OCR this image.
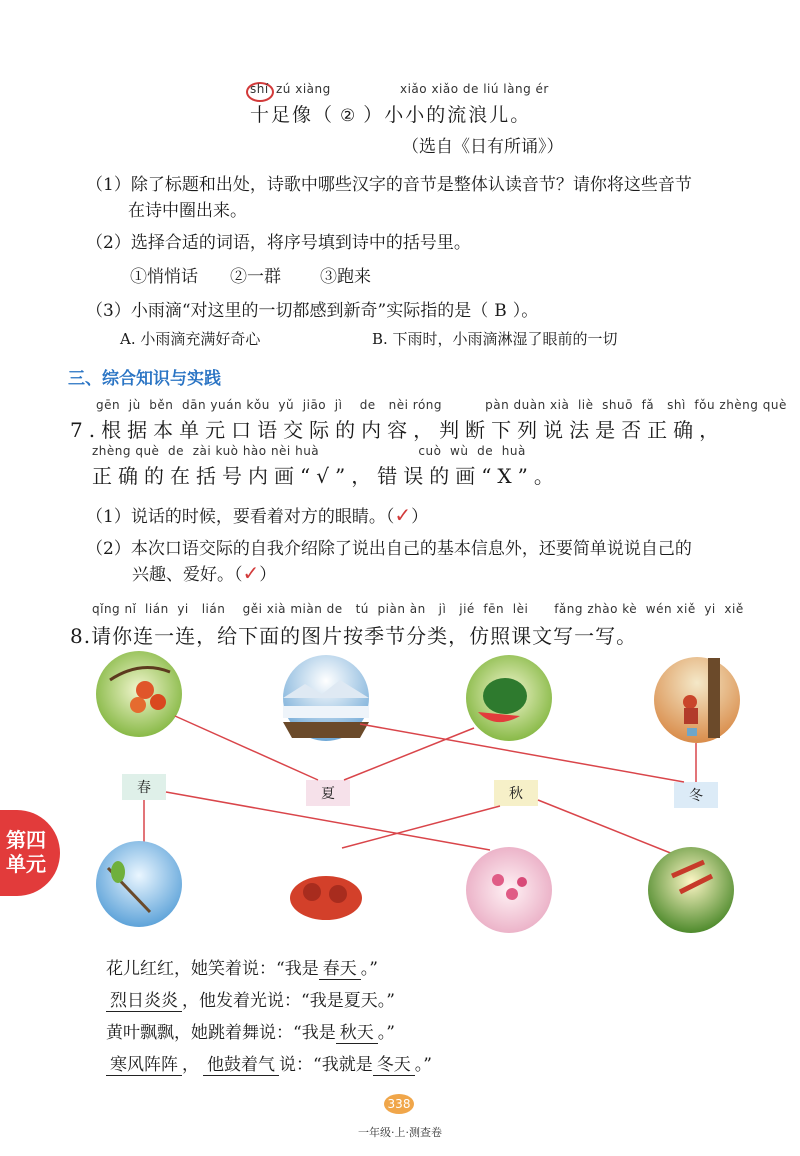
shí zú xiàng	xiǎo xiǎo de liú làng ér
十足像（ ② ）小小的流浪儿。
（选自《日有所诵》）
（1）除了标题和出处，诗歌中哪些汉字的音节是整体认读音节？请你将这些音节
在诗中圈出来。
（2）选择合适的词语，将序号填到诗中的括号里。
①悄悄话 ②一群 ③跑来
（3）小雨滴“对这里的一切都感到新奇”实际指的是（ B ）。
A. 小雨滴充满好奇心	B. 下雨时，小雨滴淋湿了眼前的一切
三、综合知识与实践
gēn  jù  běn  dān yuán kǒu  yǔ  jiāo  jì    de   nèi róng          pàn duàn xià  liè  shuō  fǎ   shì  fǒu zhèng què
7.根据本单元口语交际的内容，判断下列说法是否正确，
zhèng què  de  zài kuò hào nèi huà                       cuò  wù  de  huà
正确的在括号内画“√”，错误的画“X”。
（1）说话的时候，要看着对方的眼睛。（✓）
（2）本次口语交际的自我介绍除了说出自己的基本信息外，还要简单说说自己的
兴趣、爱好。（✓）
qǐng nǐ  lián  yi   lián    gěi xià miàn de   tú  piàn àn   jì   jié  fēn  lèi      fǎng zhào kè  wén xiě  yi  xiě
8.请你连一连，给下面的图片按季节分类，仿照课文写一写。
春	夏	秋	冬
第四
单元
花儿红红，她笑着说：“我是 春天 。”
烈日炎炎 ，他发着光说：“我是夏天。”
黄叶飘飘，她跳着舞说：“我是 秋天 。”
寒风阵阵 ， 他鼓着气 说：“我就是 冬天 。”
338
一年级·上·测查卷
